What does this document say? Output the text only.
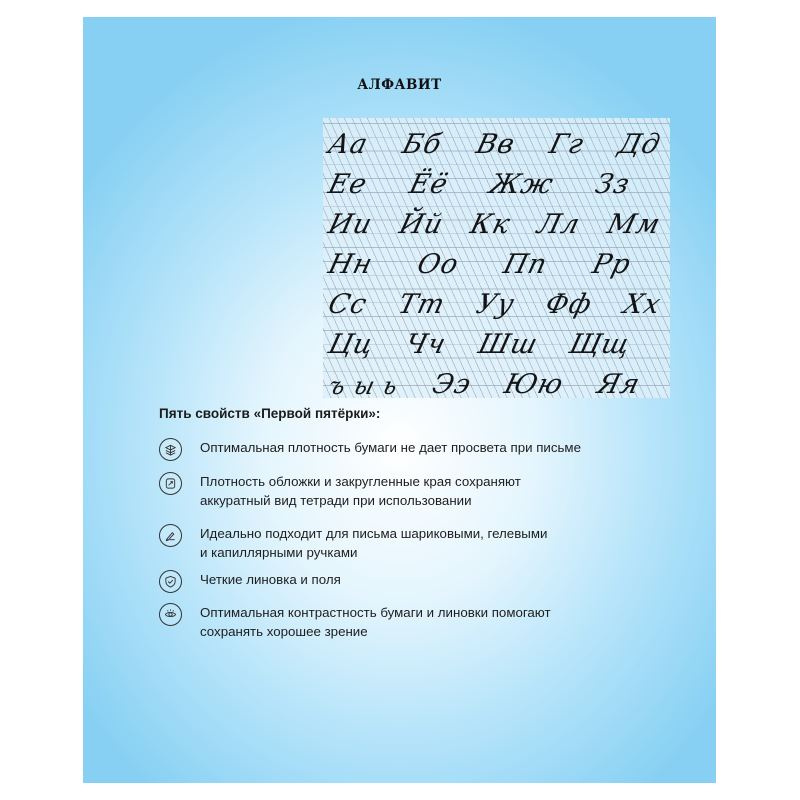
АЛФАВИТ
Аа Бб Вв Гг Дд
Ее Ёё Жж Зз
Ии Йй Кк Лл Мм
Нн Оо Пп Рр
Сс Тт Уу Фф Хх
Цц Чч Шш Щщ
ъ ы ь Ээ Юю Яя
Пять свойств «Первой пятёрки»:
Оптимальная плотность бумаги не дает просвета при письме
Плотность обложки и закругленные края сохраняют
аккуратный вид тетради при использовании
Идеально подходит для письма шариковыми, гелевыми
и капиллярными ручками
Четкие линовка и поля
Оптимальная контрастность бумаги и линовки помогают
сохранять хорошее зрение
